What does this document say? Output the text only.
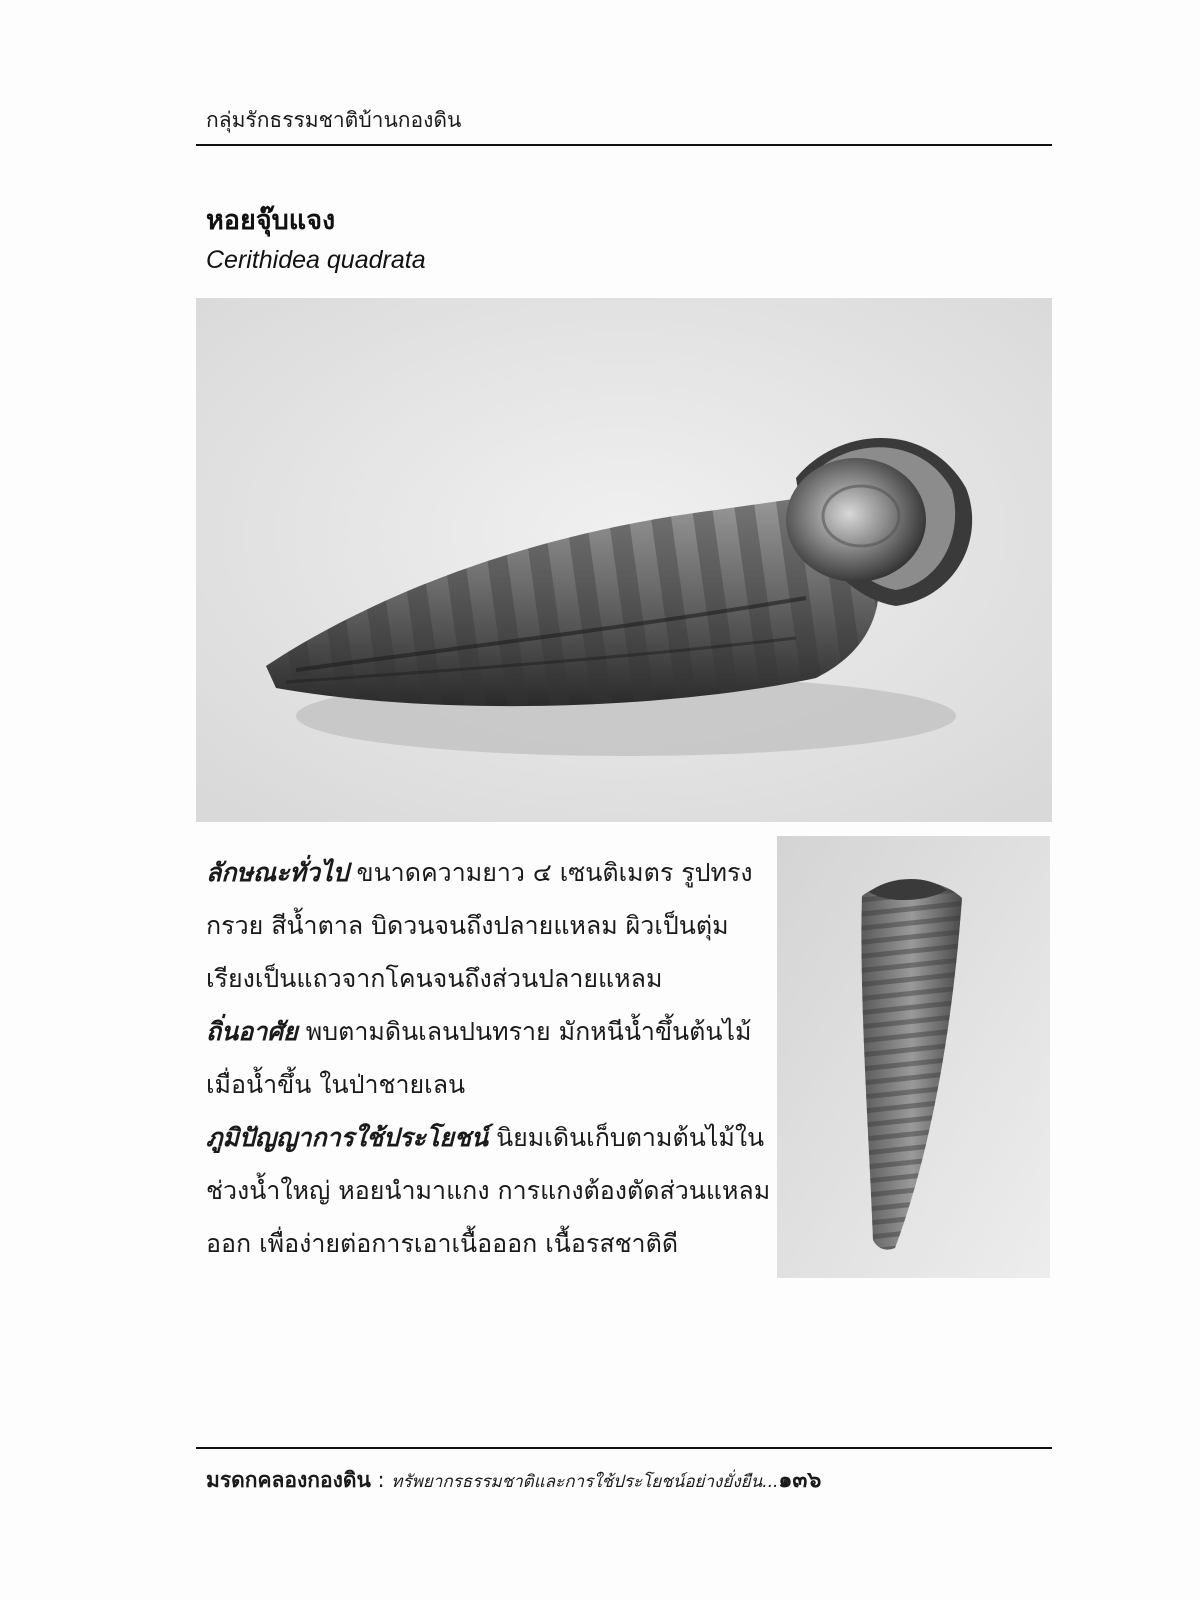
กลุ่มรักธรรมชาติบ้านกองดิน
หอยจุ๊บแจง
Cerithidea quadrata

ลักษณะทั่วไป ขนาดความยาว ๔ เซนติเมตร รูปทรงกรวย สีน้ำตาล บิดวนจนถึงปลายแหลม ผิวเป็นตุ่มเรียงเป็นแถวจากโคนจนถึงส่วนปลายแหลม

ถิ่นอาศัย พบตามดินเลนปนทราย มักหนีน้ำขึ้นต้นไม้เมื่อน้ำขึ้น ในป่าชายเลน

ภูมิปัญญาการใช้ประโยชน์ นิยมเดินเก็บตามต้นไม้ในช่วงน้ำใหญ่ หอยนำมาแกง การแกงต้องตัดส่วนแหลมออก เพื่อง่ายต่อการเอาเนื้อออก เนื้อรสชาติดี

มรดกคลองกองดิน : ทรัพยากรธรรมชาติและการใช้ประโยชน์อย่างยั่งยืน...๑๓๖
